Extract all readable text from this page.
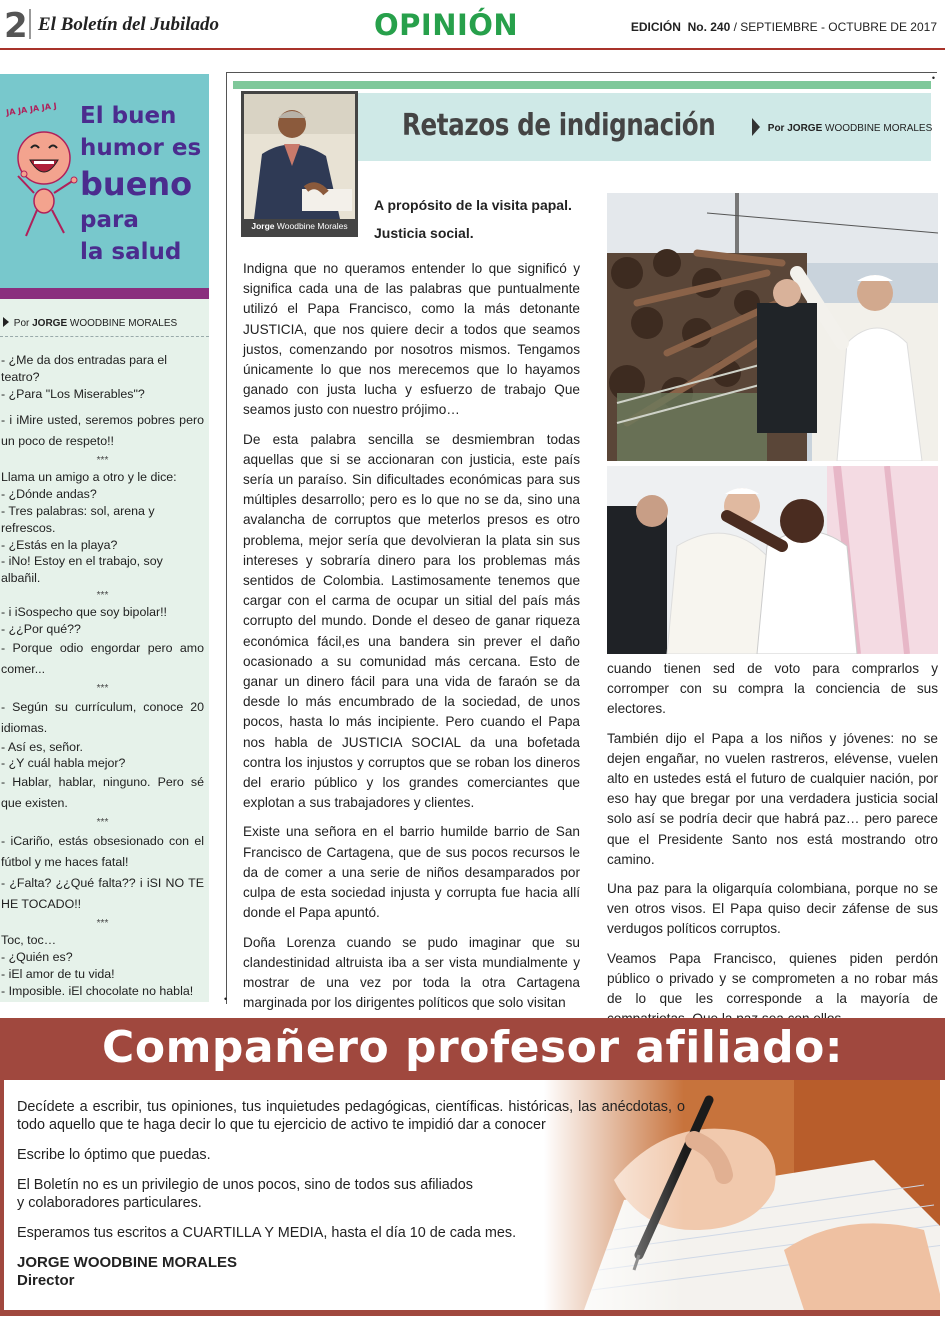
2 El Boletín del Jubilado	OPINIÓN	EDICIÓN No. 240 / SEPTIEMBRE - OCTUBRE DE 2017
JA JA JA JA J El buen
humor es
bueno
para
la salud
Por JORGE WOODBINE MORALES

- ¿Me da dos entradas para el teatro?

- ¿Para "Los Miserables"?

- i iMire usted, seremos pobres pero un poco de respeto!!

***

Llama un amigo a otro y le dice:

- ¿Dónde andas?

- Tres palabras: sol, arena y refrescos.

- ¿Estás en la playa?

- iNo! Estoy en el trabajo, soy albañil.

***

- i iSospecho que soy bipolar!!

- ¿¿Por qué??

- Porque odio engordar pero amo comer...

***

- Según su currículum, conoce 20 idiomas.

- Así es, señor.

- ¿Y cuál habla mejor?

- Hablar, hablar, ninguno. Pero sé que existen.

***

- iCariño, estás obsesionado con el fútbol y me haces fatal!

- ¿Falta? ¿¿Qué falta?? i iSI NO TE HE TOCADO!!

***

Toc, toc…

- ¿Quién es?

- iEl amor de tu vida!

- Imposible. iEl chocolate no habla!

•
Retazos de indignación	Por JORGE WOODBINE MORALES
Jorge Woodbine Morales
A propósito de la visita papal.
Justicia social.

Indigna que no queramos entender lo que significó y significa cada una de las palabras que puntualmente utilizó el Papa Francisco, como la más detonante JUSTICIA, que nos quiere decir a todos que seamos justos, comenzando por nosotros mismos. Tengamos únicamente lo que nos merecemos que lo hayamos ganado con justa lucha y esfuerzo de trabajo Que seamos justo con nuestro prójimo…

De esta palabra sencilla se desmiembran todas aquellas que si se accionaran con justicia, este país sería un paraíso. Sin dificultades económicas para sus múltiples desarrollo; pero es lo que no se da, sino una avalancha de corruptos que meterlos presos es otro problema, mejor sería que devolvieran la plata sin sus intereses y sobraría dinero para los problemas más sentidos de Colombia. Lastimosamente tenemos que cargar con el carma de ocupar un sitial del país más corrupto del mundo. Donde el deseo de ganar riqueza económica fácil,es una bandera sin prever el daño ocasionado a su comunidad más cercana. Esto de ganar un dinero fácil para una vida de faraón se da desde lo más encumbrado de la sociedad, de unos pocos, hasta lo más incipiente. Pero cuando el Papa nos habla de JUSTICIA SOCIAL da una bofetada contra los injustos y corruptos que se roban los dineros del erario público y los grandes comerciantes que explotan a sus trabajadores y clientes.

Existe una señora en el barrio humilde barrio de San Francisco de Cartagena, que de sus pocos recursos le da de comer a una serie de niños desamparados por culpa de esta sociedad injusta y corrupta fue hacia allí donde el Papa apuntó.

Doña Lorenza cuando se pudo imaginar que su clandestinidad altruista iba a ser vista mundialmente y mostrar de una vez por toda la otra Cartagena marginada por los dirigentes políticos que solo visitan

cuando tienen sed de voto para comprarlos y corromper con su compra la conciencia de sus electores.

También dijo el Papa a los niños y jóvenes: no se dejen engañar, no vuelen rastreros, elévense, vuelen alto en ustedes está el futuro de cualquier nación, por eso hay que bregar por una verdadera justicia social solo así se podría decir que habrá paz… pero parece que el Presidente Santo nos está mostrando otro camino.

Una paz para la oligarquía colombiana, porque no se ven otros visos. El Papa quiso decir záfense de sus verdugos políticos corruptos.

Veamos Papa Francisco, quienes piden perdón público o privado y se comprometen a no robar más de lo que les corresponde a la mayoría de

•
Compañero profesor afiliado:

Decídete a escribir, tus opiniones, tus inquietudes pedagógicas, científicas. históricas, las anécdotas, o todo aquello que te haga decir lo que tu ejercicio de activo te impidió dar a conocer

Escribe lo óptimo que puedas.

El Boletín no es un privilegio de unos pocos, sino de todos sus afiliados
y colaboradores particulares.

Esperamos tus escritos a CUARTILLA Y MEDIA, hasta el día 10 de cada mes.

JORGE WOODBINE MORALES
Director
